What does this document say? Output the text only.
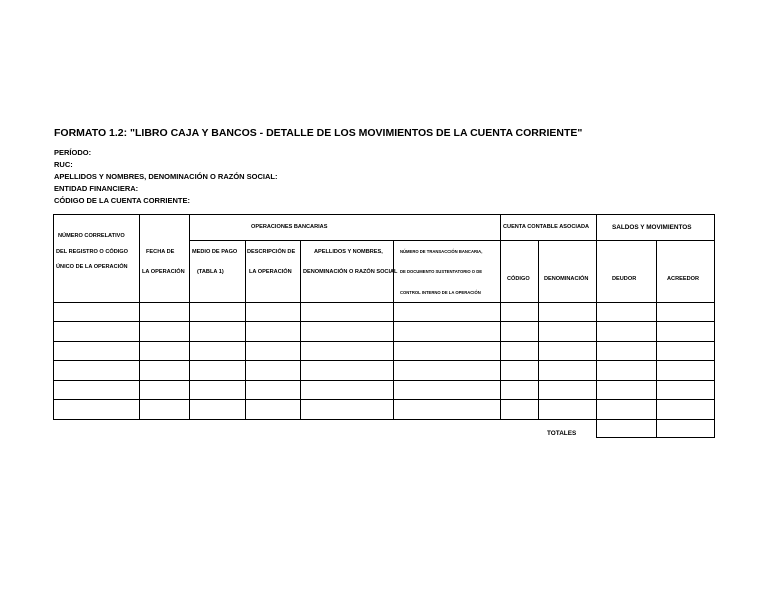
FORMATO 1.2: "LIBRO CAJA Y BANCOS - DETALLE DE LOS MOVIMIENTOS DE LA CUENTA CORRIENTE"
PERÍODO:
RUC:
APELLIDOS Y NOMBRES, DENOMINACIÓN O RAZÓN SOCIAL:
ENTIDAD FINANCIERA:
CÓDIGO DE LA CUENTA CORRIENTE:
NÚMERO CORRELATIVO
DEL REGISTRO O CÓDIGO
ÚNICO DE LA OPERACIÓN
FECHA DE
LA OPERACIÓN
OPERACIONES BANCARIAS
MEDIO DE PAGO
(TABLA 1)
DESCRIPCIÓN DE
LA OPERACIÓN
APELLIDOS Y NOMBRES,
DENOMINACIÓN O RAZÓN SOCIAL
NÚMERO DE TRANSACCIÓN BANCARIA,
DE DOCUMENTO SUSTENTATORIO O DE
CONTROL INTERNO DE LA OPERACIÓN
CUENTA CONTABLE ASOCIADA
CÓDIGO	DENOMINACIÓN
SALDOS Y MOVIMIENTOS
DEUDOR	ACREEDOR
TOTALES
